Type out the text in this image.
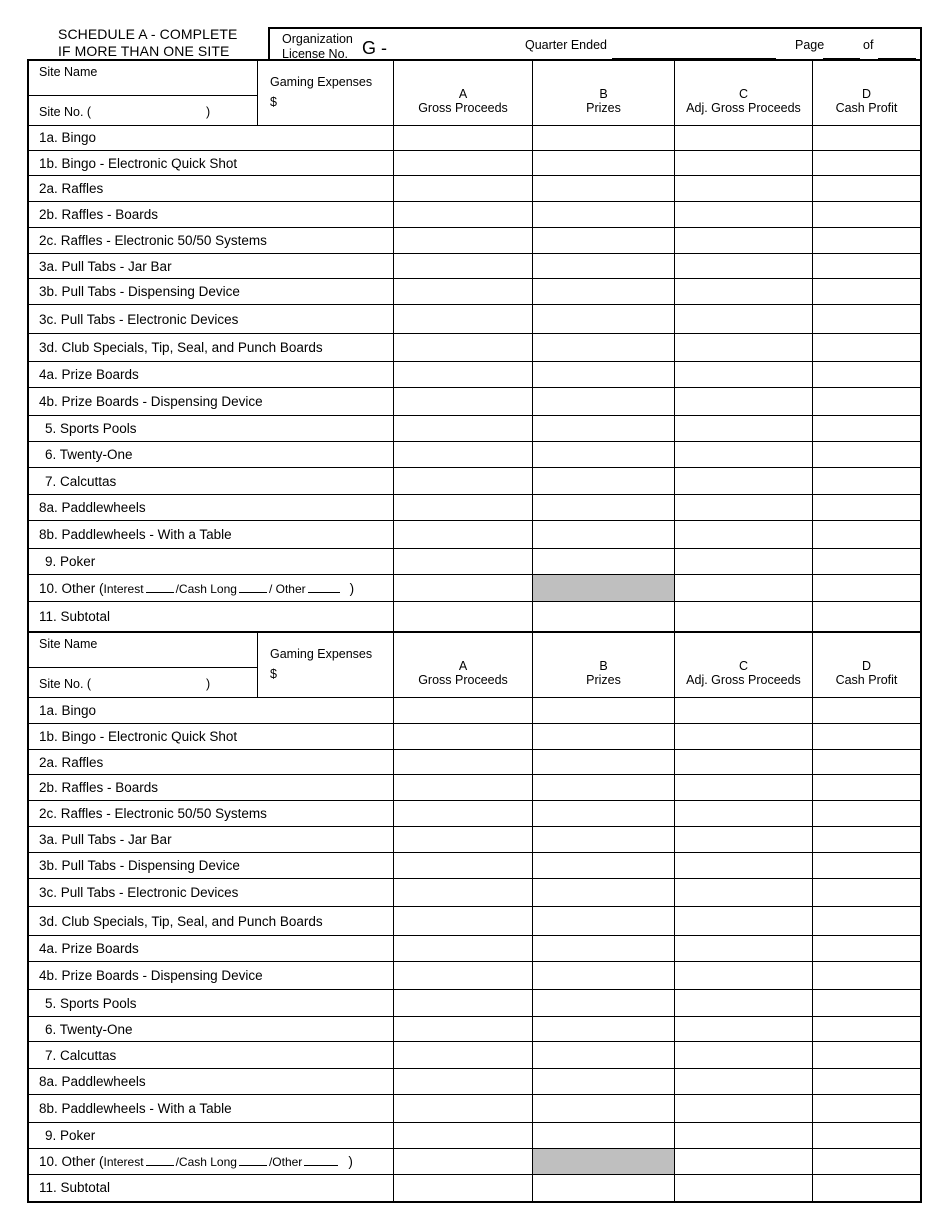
SCHEDULE A - COMPLETE
IF MORE THAN ONE SITE
Organization
License No. G -	Quarter Ended	Page	of
Site Name
Site No. (	)
Gaming Expenses
$
A
Gross Proceeds
B
Prizes
C
Adj. Gross Proceeds
D
Cash Profit
1a. Bingo
1b. Bingo - Electronic Quick Shot
2a. Raffles
2b. Raffles - Boards
2c. Raffles - Electronic 50/50 Systems
3a. Pull Tabs - Jar Bar
3b. Pull Tabs - Dispensing Device
3c. Pull Tabs - Electronic Devices
3d. Club Specials, Tip, Seal, and Punch Boards
4a. Prize Boards
4b. Prize Boards - Dispensing Device
5. Sports Pools
6. Twenty-One
7. Calcuttas
8a. Paddlewheels
8b. Paddlewheels - With a Table
9. Poker
10. Other (Interest	/Cash Long	/ Other	)
11. Subtotal
Site Name
Site No. (	)
Gaming Expenses
$
A
Gross Proceeds
B
Prizes
C
Adj. Gross Proceeds
D
Cash Profit
1a. Bingo
1b. Bingo - Electronic Quick Shot
2a. Raffles
2b. Raffles - Boards
2c. Raffles - Electronic 50/50 Systems
3a. Pull Tabs - Jar Bar
3b. Pull Tabs - Dispensing Device
3c. Pull Tabs - Electronic Devices
3d. Club Specials, Tip, Seal, and Punch Boards
4a. Prize Boards
4b. Prize Boards - Dispensing Device
5. Sports Pools
6. Twenty-One
7. Calcuttas
8a. Paddlewheels
8b. Paddlewheels - With a Table
9. Poker
10. Other (Interest	/Cash Long	/Other	)
11. Subtotal
